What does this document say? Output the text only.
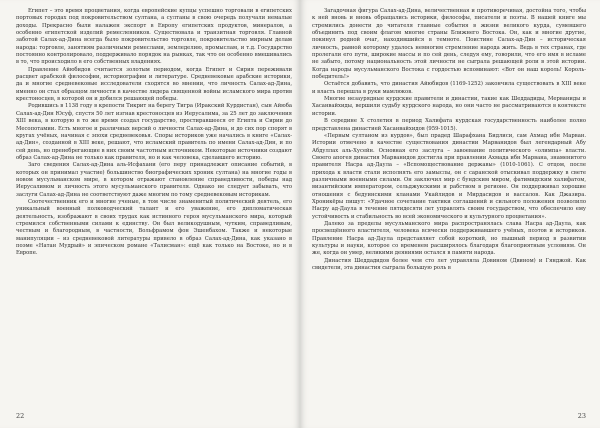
Египет – это время процветания, когда европейские купцы успешно торговали в египетских портовых городах под покровительством султана, а султаны в свою очередь получали немалые доходы. Прекрасно были налажен экспорт в Европу египетских продуктов, минералов, а особенно египетской изделий ремесленников. Существовала и транзитная торговля. Главной заботой Салах-ад-Дина всегда было покровительство торговле, покровительство мирным делам народа: торговле, занятиям различными ремеслами, земледелию, промыслам, и т.д. Государство постоянно контролировало, поддерживало порядок на рынках, так что он особенно вмешивались в то, что происходило в его собственных владениях.

Правление Айюбидов считается золотым периодом, когда Египет и Сирия переживали расцвет арабской философии, историографии и литературе. Средневековые арабские историки, да и многие средневековые исследователи сходятся во мнении, что личность Салах-ад-Дина, именно он стал образцом личности в качестве лидера священной войны исламского мира против крестоносцев, в которой он и добился решающей победы.

Родившись в 1138 году в крепости Тикрит на берегу Тигра (Иракский Курдистан), сын Айюба Салах-ад-Дин Юсуф, спустя 50 лет изгнав крестоносцев из Иерусалима, за 25 лет до заключения XIII века, в которую в то же время создал государство, простиравшееся от Египта и Сирии до Месопотамии. Есть многое и различных версий о личности Салах-ад-Дина, и до сих пор спорят в кругах учёных, начиная с эпохи средневековья. Споры историков уже начались в книге «Салах-ад-Дин», созданной в XIII веке, решают, что исламский правитель по имени Салах-ад-Дин, и по сей день, но пренебрегающие в них своим частотным источником. Некоторые источники создают образ Салах-ад-Дина не только как правителя, но и как человека, сделавшего историю.

Заго сведения Салах-ад-Дина аль-Исфахани (его перу принадлежит описание событий, в которых он принимал участие) большинство биографических хроник султана) на многие годы в новом мусульманском мире, в котором отражают становление справедливости, победы над Иерусалимом и личность этого мусульманского правителя. Однако не следует забывать, что заслуги Салах-ад-Дина не соответствуют даже многим по тому средневековым историкам.

Соотечественник его и многие ученые, в том числе знаменитый политический деятель, его уникальный военный полководческий талант и его уважение, его дипломатическая деятельность, изображают в своих трудах как истинного героя мусульманского мира, который стремился собственными силами к единству. Он был великодушным, чутким, справедливым, честным и благородным, в частности, Вольфрамом фон Эшенбахом. Также и некоторые манипуляции – из средневековой литературы привело в образ Салах-ад-Дина, как указано в поэме «Натан Мудрый» и эпическом романе «Талисман»: ещё как только на Востоке, но и в Европе.

22

Загадочная фигура Салах-ад-Дина, величественная и противоречивая, достойна того, чтобы к ней вновь и вновь обращались историки, философы, писатели и поэты. В нашей книге мы стремились донести до читателя главные события в жизни великого курда, сумевшего объединить под своим флагом многие страны Ближнего Востока. Он, как и многие другие, покинул родной очаг, находившийся в темноте. Поистине Салах-ад-Дин – историческая личность, равной которому удалось немногим стремление народа жить. Ведь в тех странах, где пролегали его пути, широкие массы и по сей день, следуя ему, говорили, что его имя в исламе не забыто, потому национальность этой личности не сыграла решающей роли в этой истории. Когда народы мусульманского Востока с гордостью вспоминают: «Вот он наш король! Король-победитель!»

Остаётся добавить, что династия Айюбидов (1169-1252) закончила существовать в XIII веке и власть перешла в руки мамлюков.

Многие незаурядные курдские правители и династии, такие как Шеддадиды, Мерваниды и Хасанвайхиды, вершили судьбу курдского народа, но они часто не рассматриваются в контексте истории.

В середине X столетия в период Халифата курдская государственность наиболее полно представлена династией Хасанвайхидов (959-1015).

«Первым султаном из курдов», был прадед Шарафхана Бидлиси, сам Ахмад ибн Марван. Истории отмечено в качестве существования династии Марванидов был легендарный Абу Абдуллах аль-Хусейн. Основная его заслуга – завоевание политического «олимпа» власти. Своего апогея династия Марванидов достигла при правлении Ахмада ибн Марвана, знаменитого правителя Насра ад-Даула – «Вспомоществование державы» (1010-1061). С отцом, после прихода к власти стали исполнять его замыслы, он с саранской отыскивал поддержку в свете различными военными силами. Он заключил мир с бундским миром, фатимидским халифатом, византийским императором, сельджукскими и рабством в регионе. Он поддерживал хорошие отношения с бедуинскими кланами Укайлидов и Мирдасидов и вассалов. Как Джазира. Хроникёры пишут: «Удачное сочетание тактики соглашений и сильного положения позволило Насру ад-Даула в течение пятидесяти лет управлять своим государством, что обеспечило ему устойчивость и стабильность во всей экономического и культурного процветания».

Далеко за пределы мусульманского мира распространялась слава Насра ад-Даула, как просвещённого властителя, человека всячески поддерживавшего учёных, поэтов и историков. Правление Насра ад-Даула представляет собой короткий, но пышный период в развитии культуры и науки, которое со временем расширялось благодаря благоприятным условиям. Он же, когда он умер, великими деяниями остался в памяти народа.

Династия Шеддадидов более чем сто лет управляла Довином (Двином) и Гянджой. Как свидетели, эта династия сыграла большую роль в

23
